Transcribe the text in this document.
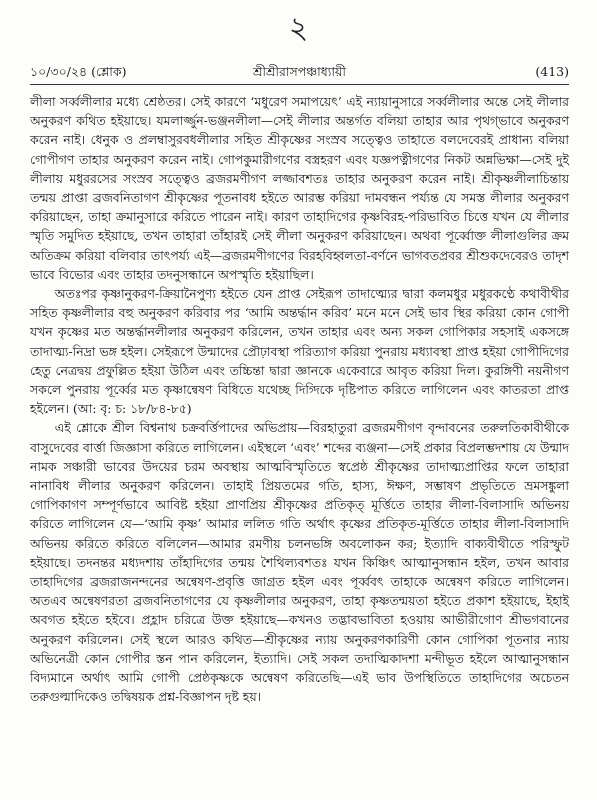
২
১০/৩০/২৪ (শ্লোক)	শ্রীশ্রীরাসপঞ্চাধ্যায়ী	(413)

লীলা সর্ব্বলীলার মধ্যে শ্রেষ্ঠতর। সেই কারণে ‘মধুরেণ সমাপয়েৎ’ এই ন্যায়ানুসারে সর্ব্বলীলার অন্তে সেই লীলার অনুকরণ কথিত হইয়াছে। যমলার্জ্জুন-ভঞ্জনলীলা—সেই লীলার অন্তর্গত বলিয়া তাহার আর পৃথগ্ভাবে অনুকরণ করেন নাই। ধেনুক ও প্রলম্বাসুরবধলীলার সহিত শ্রীকৃষ্ণের সংস্রব সত্ত্বেও তাহাতে বলদেবেরই প্রাধান্য বলিয়া গোপীগণ তাহার অনুকরণ করেন নাই। গোপকুমারীগণের বস্ত্রহরণ এবং যজ্ঞপত্নীগণের নিকট অন্নভিক্ষা—সেই দুই লীলায় মধুররসের সংস্রব সত্ত্বেও ব্রজরমণীগণ লজ্জাবশতঃ তাহার অনুকরণ করেন নাই। শ্রীকৃষ্ণলীলাচিন্তায় তন্ময় প্রাপ্তা ব্রজবনিতাগণ শ্রীকৃষ্ণের পূতনাবধ হইতে আরম্ভ করিয়া দামবন্ধন পর্য্যন্ত যে সমস্ত লীলার অনুকরণ করিয়াছেন, তাহা ক্রমানুসারে করিতে পারেন নাই। কারণ তাহাদিগের কৃষ্ণবিরহ-পরিভাবিত চিত্তে যখন যে লীলার স্মৃতি সমুদিত হইয়াছে, তখন তাহারা তাঁহারই সেই লীলা অনুকরণ করিয়াছেন। অথবা পূর্ব্বোক্ত লীলাগুলির ক্রম অতিক্রম করিয়া বলিবার তাৎপর্য্য এই—ব্রজরমণীগণের বিরহবিহ্বলতা-বর্ণনে ভাগবতপ্রবর শ্রীশুকদেবেরও তাদৃশ ভাবে বিভোর এবং তাহার তদনুসন্ধানে অপস্মৃতি হইয়াছিল।

অতঃপর কৃষ্ণানুকরণ-ক্রিয়ানৈপুণ্য হইতে যেন প্রাপ্ত সেইরূপ তাদাত্ম্যের দ্বারা কলমধুর মধুরকণ্ঠে কথাবীথীর সহিত কৃষ্ণলীলার বহু অনুকরণ করিবার পর ‘আমি অন্তর্দ্ধান করিব’ মনে মনে সেই ভাব স্থির করিয়া কোন গোপী যখন কৃষ্ণের মত অন্তর্দ্ধানলীলার অনুকরণ করিলেন, তখন তাহার এবং অন্য সকল গোপিকার সহসাই একসঙ্গে তাদাত্ম্য-নিদ্রা ভঙ্গ হইল। সেইরূপে উন্মাদের প্রৌঢ়াবস্থা পরিত্যাগ করিয়া পুনরায় মধ্যাবস্থা প্রাপ্ত হইয়া গোপীদিগের হেতু নেত্রদ্বয় প্রফুল্লিত হইয়া উঠিল এবং তচ্চিন্তা দ্বারা জ্ঞানকে একেবারে আবৃত করিয়া দিল। কুরঙ্গিণী নয়নীগণ সকলে পুনরায় পূর্ব্বের মত কৃষ্ণান্বেষণ বিধিতে যথেচ্ছ দিগ্দিকে দৃষ্টিপাত করিতে লাগিলেন এবং কাতরতা প্রাপ্ত হইলেন। (আ: বৃ: চ: ১৮/৮৪-৮৫)

এই শ্লোকে শ্রীল বিশ্বনাথ চক্রবর্ত্তিপাদের অভিপ্রায়—বিরহাতুরা ব্রজরমণীগণ বৃন্দাবনের তরুলতিকাবীথীকে বাসুদেবের বার্ত্তা জিজ্ঞাসা করিতে লাগিলেন। এইস্থলে ‘এবং’ শব্দের ব্যঞ্জনা—সেই প্রকার বিপ্রলম্ভদশায় যে উন্মাদ নামক সঞ্চারী ভাবের উদয়ের চরম অবস্থায় আত্মবিস্মৃতিতে স্বপ্রেষ্ঠ শ্রীকৃষ্ণের তাদাত্ম্যপ্রাপ্তির ফলে তাহারা নানাবিধ লীলার অনুকরণ করিলেন। তাহাই প্রিয়তমের গতি, হাস্য, ঈক্ষণ, সম্ভাষণ প্রভৃতিতে ভ্রমসঙ্কুলা গোপিকাগণ সম্পূর্ণভাবে আবিষ্ট হইয়া প্রাণপ্রিয় শ্রীকৃষ্ণের প্রতিকৃত্ মূর্ত্তিতে তাহার লীলা-বিলাসাদি অভিনয় করিতে লাগিলেন যে—‘আমি কৃষ্ণ’ আমার ললিত গতি অর্থাৎ কৃষ্ণের প্রতিকৃত-মূর্ত্তিতে তাহার লীলা-বিলাসাদি অভিনয় করিতে করিতে বলিলেন—আমার রমণীয় চলনভঙ্গি অবলোকন কর; ইত্যাদি বাক্যবীথীতে পরিস্ফুট হইয়াছে। তদনন্তর মধ্যদশায় তাঁহাদিগের তন্ময় শৈথিল্যবশতঃ যখন কিঞ্চিৎ আত্মানুসন্ধান হইল, তখন আবার তাহাদিগের ব্রজরাজনন্দনের অন্বেষণ-প্রবৃত্তি জাগ্রত হইল এবং পূর্ব্ববৎ তাহাকে অন্বেষণ করিতে লাগিলেন। অতএব অন্বেষণরতা ব্রজবনিতাগণের যে কৃষ্ণলীলার অনুকরণ, তাহা কৃষ্ণতন্ময়তা হইতে প্রকাশ হইয়াছে, ইহাই অবগত হইতে হইবে। প্রহ্লাদ চরিত্রে উক্ত হইয়াছে—কখনও তদ্ভাবভাবিতা হওয়ায় আভীরীগোণ শ্রীভগবানের অনুকরণ করিলেন। সেই স্থলে আরও কথিত—শ্রীকৃষ্ণের ন্যায় অনুকরণকারিণী কোন গোপিকা পূতনার ন্যায় অভিনেত্রী কোন গোপীর স্তন পান করিলেন, ইত্যাদি। সেই সকল তদাত্মিকাদশা মন্দীভূত হইলে আত্মানুসন্ধান বিদ্যমানে অর্থাৎ আমি গোপী প্রেষ্ঠকৃষ্ণকে অন্বেষণ করিতেছি—এই ভাব উপস্থিতিতে তাহাদিগের অচেতন তরুগুল্মাদিকেও তদ্বিষয়ক প্রশ্ন-বিজ্ঞাপন দৃষ্ট হয়।
